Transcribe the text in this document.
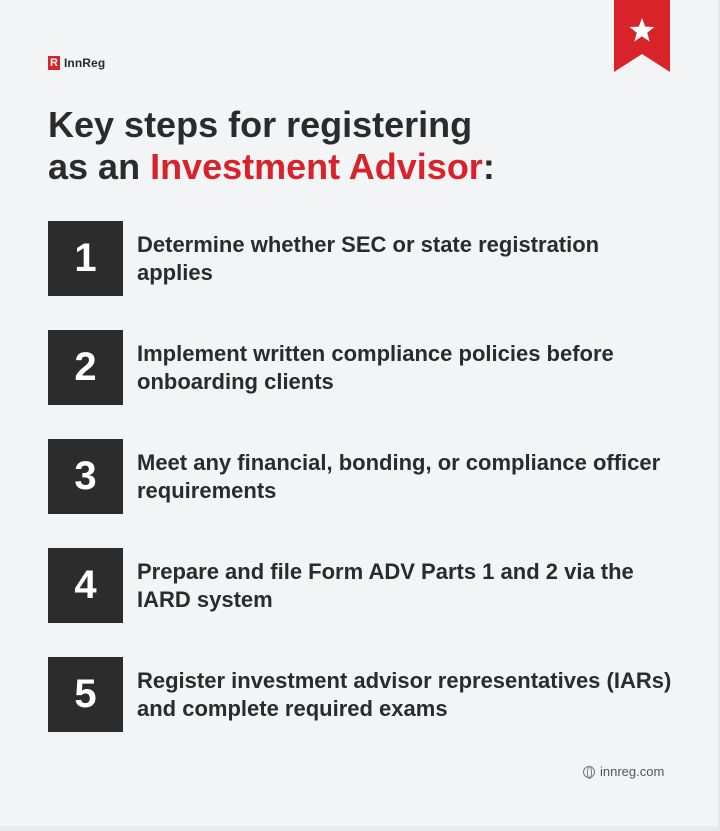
R InnReg
Key steps for registering
as an Investment Advisor:
1	Determine whether SEC or state registration applies
2	Implement written compliance policies before onboarding clients
3	Meet any financial, bonding, or compliance officer requirements
4	Prepare and file Form ADV Parts 1 and 2 via the IARD system
5	Register investment advisor representatives (IARs) and complete required exams
innreg.com
